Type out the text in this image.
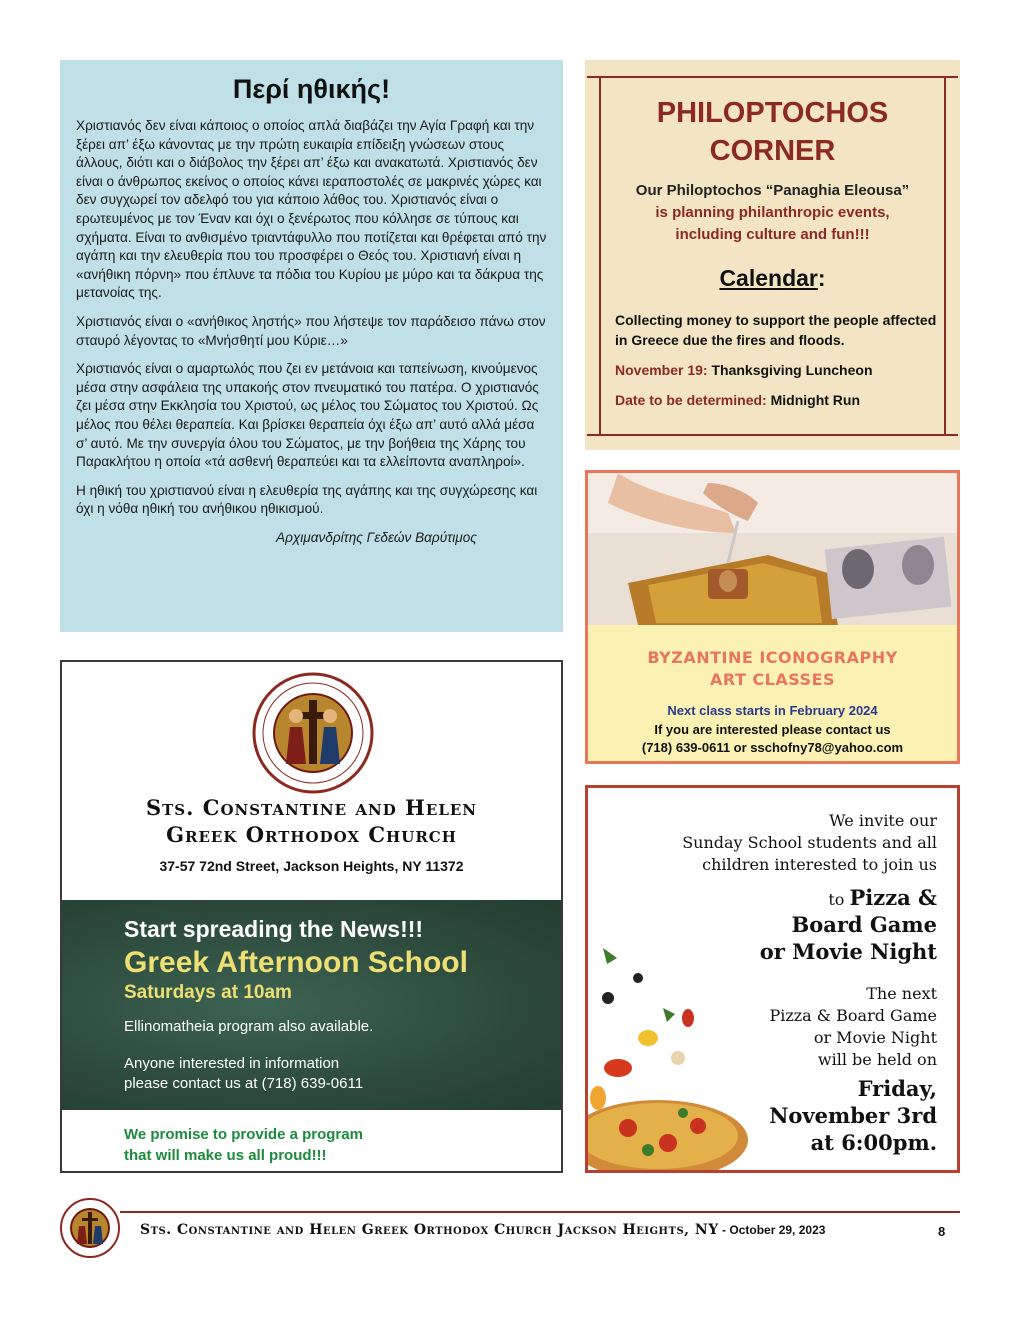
Περί ηθικής!

Χριστιανός δεν είναι κάποιος ο οποίος απλά διαβάζει την Αγία Γραφή και την ξέρει απ’ έξω κάνοντας με την πρώτη ευκαιρία επίδειξη γνώσεων στους άλλους, διότι και ο διάβολος την ξέρει απ’ έξω και ανακατωτά. Χριστιανός δεν είναι ο άνθρωπος εκείνος ο οποίος κάνει ιεραποστολές σε μακρινές χώρες και δεν συγχωρεί τον αδελφό του για κάποιο λάθος του. Χριστιανός είναι ο ερωτευμένος με τον Έναν και όχι ο ξενέρωτος που κόλλησε σε τύπους και σχήματα. Είναι το ανθισμένο τριαντάφυλλο που ποτίζεται και θρέφεται από την αγάπη και την ελευθερία που του προσφέρει ο Θεός του. Χριστιανή είναι η «ανήθικη πόρνη» που έπλυνε τα πόδια του Κυρίου με μύρο και τα δάκρυα της μετανοίας της.

Χριστιανός είναι ο «ανήθικος ληστής» που λήστεψε τον παράδεισο πάνω στον σταυρό λέγοντας το «Μνήσθητί μου Κύριε…»

Χριστιανός είναι ο αμαρτωλός που ζει εν μετάνοια και ταπείνωση, κινούμενος μέσα στην ασφάλεια της υπακοής στον πνευματικό του πατέρα. Ο χριστιανός ζει μέσα στην Εκκλησία του Χριστού, ως μέλος του Σώματος του Χριστού. Ως μέλος που θέλει θεραπεία. Και βρίσκει θεραπεία όχι έξω απ’ αυτό αλλά μέσα σ’ αυτό. Με την συνεργία όλου του Σώματος, με την βοήθεια της Χάρης του Παρακλήτου η οποία «τά ασθενή θεραπεύει και τα ελλείποντα αναπληροί».

Η ηθική του χριστιανού είναι η ελευθερία της αγάπης και της συγχώρεσης και όχι η νόθα ηθική του ανήθικου ηθικισμού.

Αρχιμανδρίτης Γεδεών Βαρύτιμος

PHILOPTOCHOS
CORNER
Our Philoptochos “Panaghia Eleousa”
is planning philanthropic events,
including culture and fun!!!
Calendar:
Collecting money to support the people affected in Greece due the fires and floods.
November 19: Thanksgiving Luncheon
Date to be determined: Midnight Run
BYZANTINE ICONOGRAPHY
ART CLASSES
Next class starts in February 2024
If you are interested please contact us
(718) 639-0611 or sschofny78@yahoo.com
Sts. Constantine and Helen
Greek Orthodox Church
37-57 72nd Street, Jackson Heights, NY 11372
Start spreading the News!!!
Greek Afternoon School
Saturdays at 10am
Ellinomatheia program also available.
Anyone interested in information
please contact us at (718) 639-0611
We promise to provide a program
that will make us all proud!!!
We invite our
Sunday School students and all
children interested to join us
to Pizza &
Board Game
or Movie Night
The next
Pizza & Board Game
or Movie Night
will be held on
Friday,
November 3rd
at 6:00pm.
Sts. Constantine and Helen Greek Orthodox Church Jackson Heights, NY - October 29, 2023	8
